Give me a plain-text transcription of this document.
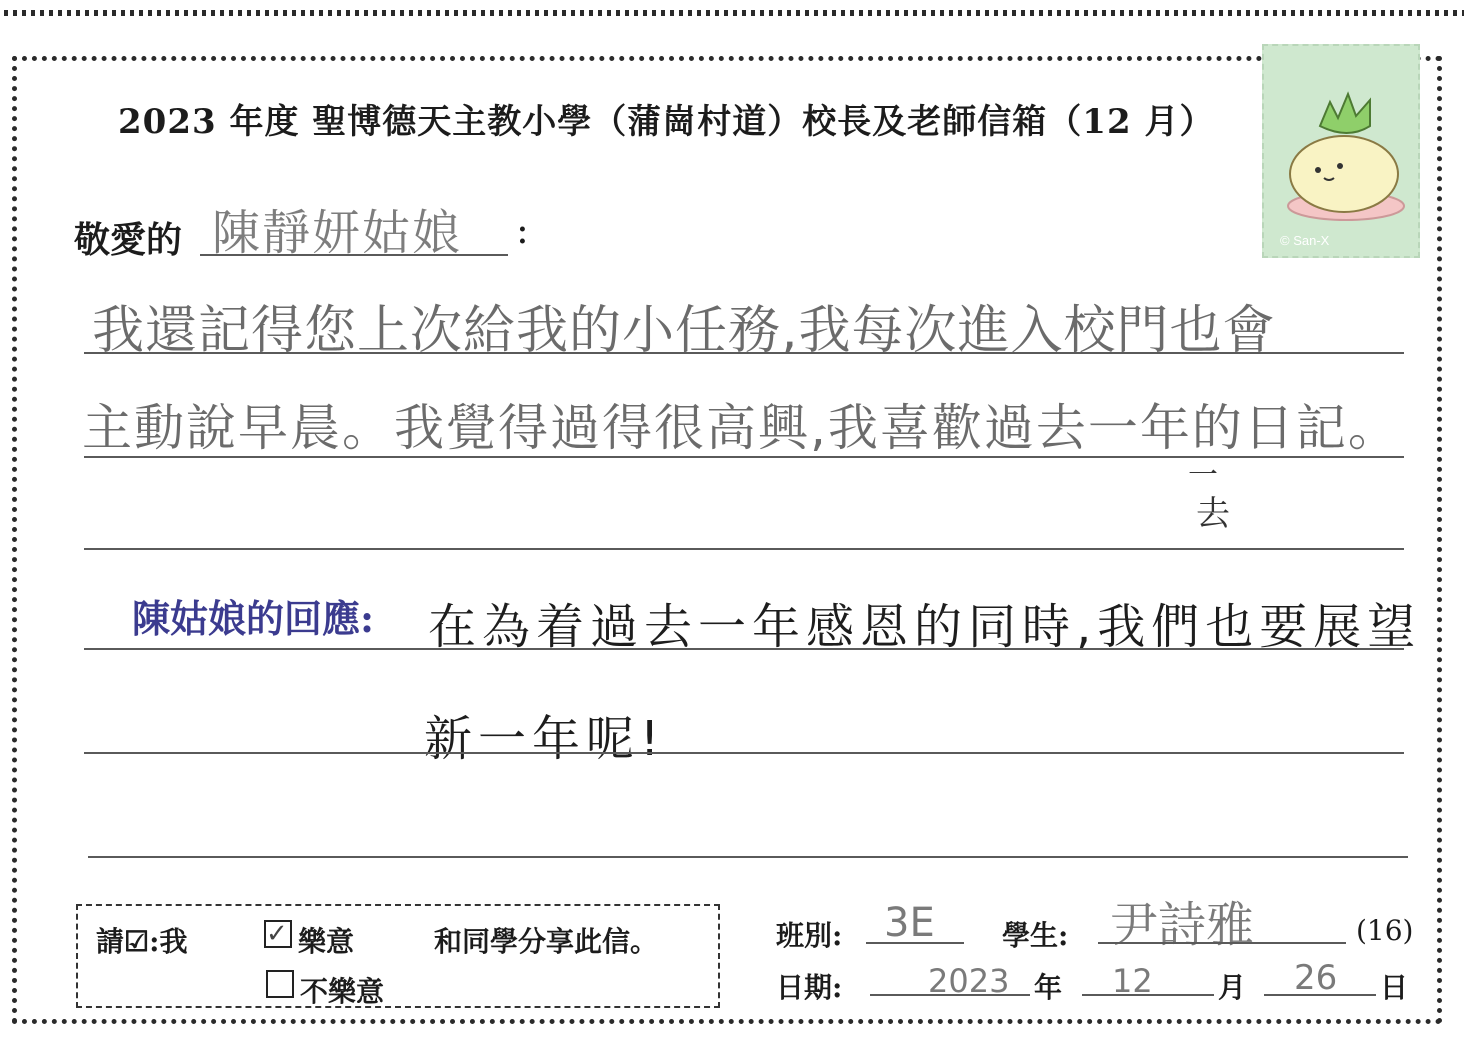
2023 年度 聖博德天主教小學（蒲崗村道）校長及老師信箱（12 月）
© San-X
敬愛的 陳靜妍姑娘 :
我還記得您上次給我的小任務,我每次進入校門也會
主動說早晨。我覺得過得很高興,我喜歡過去一年的日記。
一
去
陳姑娘的回應: 在為着過去一年感恩的同時,我們也要展望
新一年呢!
請☑:我	✓ 樂意	和同學分享此信。
不樂意
班別: 3E 學生: 尹詩雅	(16)
日期:	2023 年 12 月 26 日
